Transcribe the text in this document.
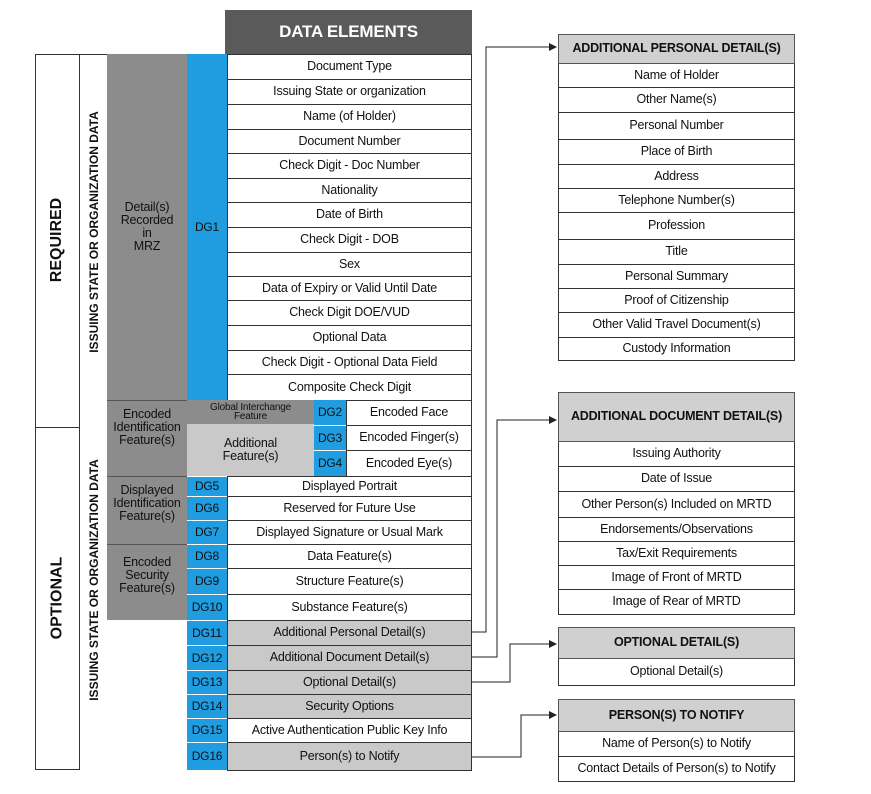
DATA ELEMENTS
REQUIRED
OPTIONAL
ISSUING STATE OR ORGANIZATION DATA
ISSUING STATE OR ORGANIZATION DATA
Detail(s)
Recorded
in
MRZ
Encoded
Identification
Feature(s)
Displayed
Identification
Feature(s)
Encoded
Security
Feature(s)
DG1
Document Type
Issuing State or organization
Name (of Holder)
Document Number
Check Digit - Doc Number
Nationality
Date of Birth
Check Digit - DOB
Sex
Data of Expiry or Valid Until Date
Check Digit DOE/VUD
Optional Data
Check Digit - Optional Data Field
Composite Check Digit
Global Interchange
Feature
Additional
Feature(s)
DG2	Encoded Face
DG3	Encoded Finger(s)
DG4	Encoded Eye(s)
DG5	Displayed Portrait
DG6	Reserved for Future Use
DG7	Displayed Signature or Usual Mark
DG8	Data Feature(s)
DG9	Structure Feature(s)
DG10	Substance Feature(s)
DG11	Additional Personal Detail(s)
DG12	Additional Document Detail(s)
DG13	Optional Detail(s)
DG14	Security Options
DG15	Active Authentication Public Key Info
DG16	Person(s) to Notify
ADDITIONAL PERSONAL DETAIL(S)
Name of Holder
Other Name(s)
Personal Number
Place of Birth
Address
Telephone Number(s)
Profession
Title
Personal Summary
Proof of Citizenship
Other Valid Travel Document(s)
Custody Information
ADDITIONAL DOCUMENT DETAIL(S)
Issuing Authority
Date of Issue
Other Person(s) Included on MRTD
Endorsements/Observations
Tax/Exit Requirements
Image of Front of MRTD
Image of Rear of MRTD
OPTIONAL DETAIL(S)
Optional Detail(s)
PERSON(S) TO NOTIFY
Name of Person(s) to Notify
Contact Details of Person(s) to Notify
